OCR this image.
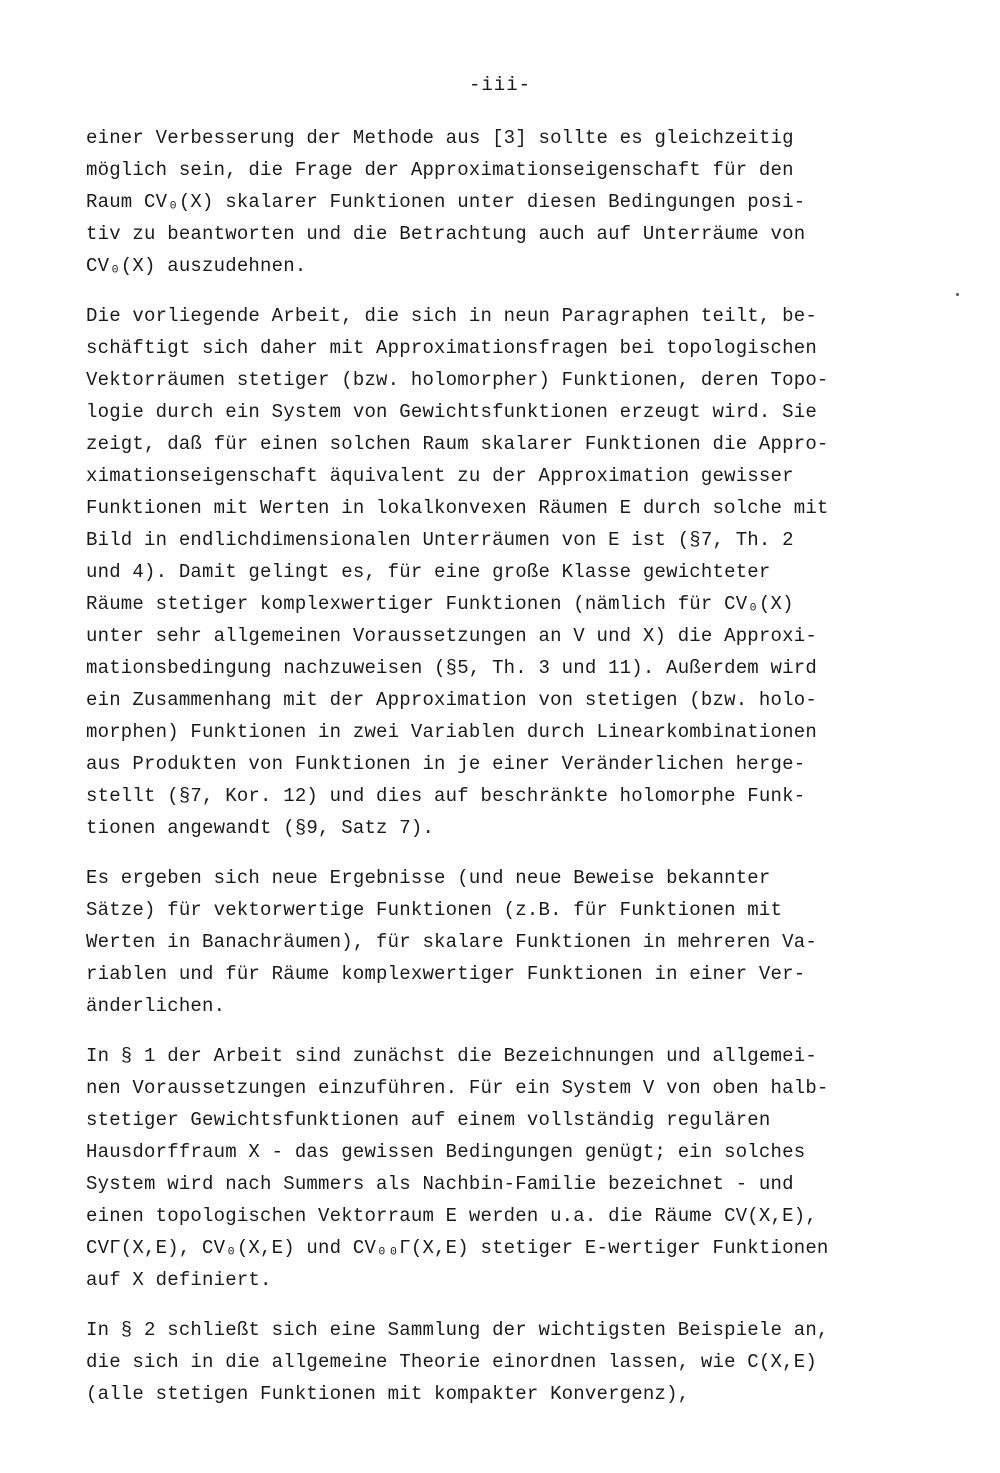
-iii-
einer Verbesserung der Methode aus [3] sollte es gleichzeitig
möglich sein, die Frage der Approximationseigenschaft für den
Raum CV₀(X) skalarer Funktionen unter diesen Bedingungen posi-
tiv zu beantworten und die Betrachtung auch auf Unterräume von
CV₀(X) auszudehnen.
Die vorliegende Arbeit, die sich in neun Paragraphen teilt, be-
schäftigt sich daher mit Approximationsfragen bei topologischen
Vektorräumen stetiger (bzw. holomorpher) Funktionen, deren Topo-
logie durch ein System von Gewichtsfunktionen erzeugt wird. Sie
zeigt, daß für einen solchen Raum skalarer Funktionen die Appro-
ximationseigenschaft äquivalent zu der Approximation gewisser
Funktionen mit Werten in lokalkonvexen Räumen E durch solche mit
Bild in endlichdimensionalen Unterräumen von E ist (§7, Th. 2
und 4). Damit gelingt es, für eine große Klasse gewichteter
Räume stetiger komplexwertiger Funktionen (nämlich für CV₀(X)
unter sehr allgemeinen Voraussetzungen an V und X) die Approxi-
mationsbedingung nachzuweisen (§5, Th. 3 und 11). Außerdem wird
ein Zusammenhang mit der Approximation von stetigen (bzw. holo-
morphen) Funktionen in zwei Variablen durch Linearkombinationen
aus Produkten von Funktionen in je einer Veränderlichen herge-
stellt (§7, Kor. 12) und dies auf beschränkte holomorphe Funk-
tionen angewandt (§9, Satz 7).
Es ergeben sich neue Ergebnisse (und neue Beweise bekannter
Sätze) für vektorwertige Funktionen (z.B. für Funktionen mit
Werten in Banachräumen), für skalare Funktionen in mehreren Va-
riablen und für Räume komplexwertiger Funktionen in einer Ver-
änderlichen.
In § 1 der Arbeit sind zunächst die Bezeichnungen und allgemei-
nen Voraussetzungen einzuführen. Für ein System V von oben halb-
stetiger Gewichtsfunktionen auf einem vollständig regulären
Hausdorffraum X - das gewissen Bedingungen genügt; ein solches
System wird nach Summers als Nachbin-Familie bezeichnet - und
einen topologischen Vektorraum E werden u.a. die Räume CV(X,E),
CVΓ(X,E), CV₀(X,E) und CV₀₀Γ(X,E) stetiger E-wertiger Funktionen
auf X definiert.
In § 2 schließt sich eine Sammlung der wichtigsten Beispiele an,
die sich in die allgemeine Theorie einordnen lassen, wie C(X,E)
(alle stetigen Funktionen mit kompakter Konvergenz),
